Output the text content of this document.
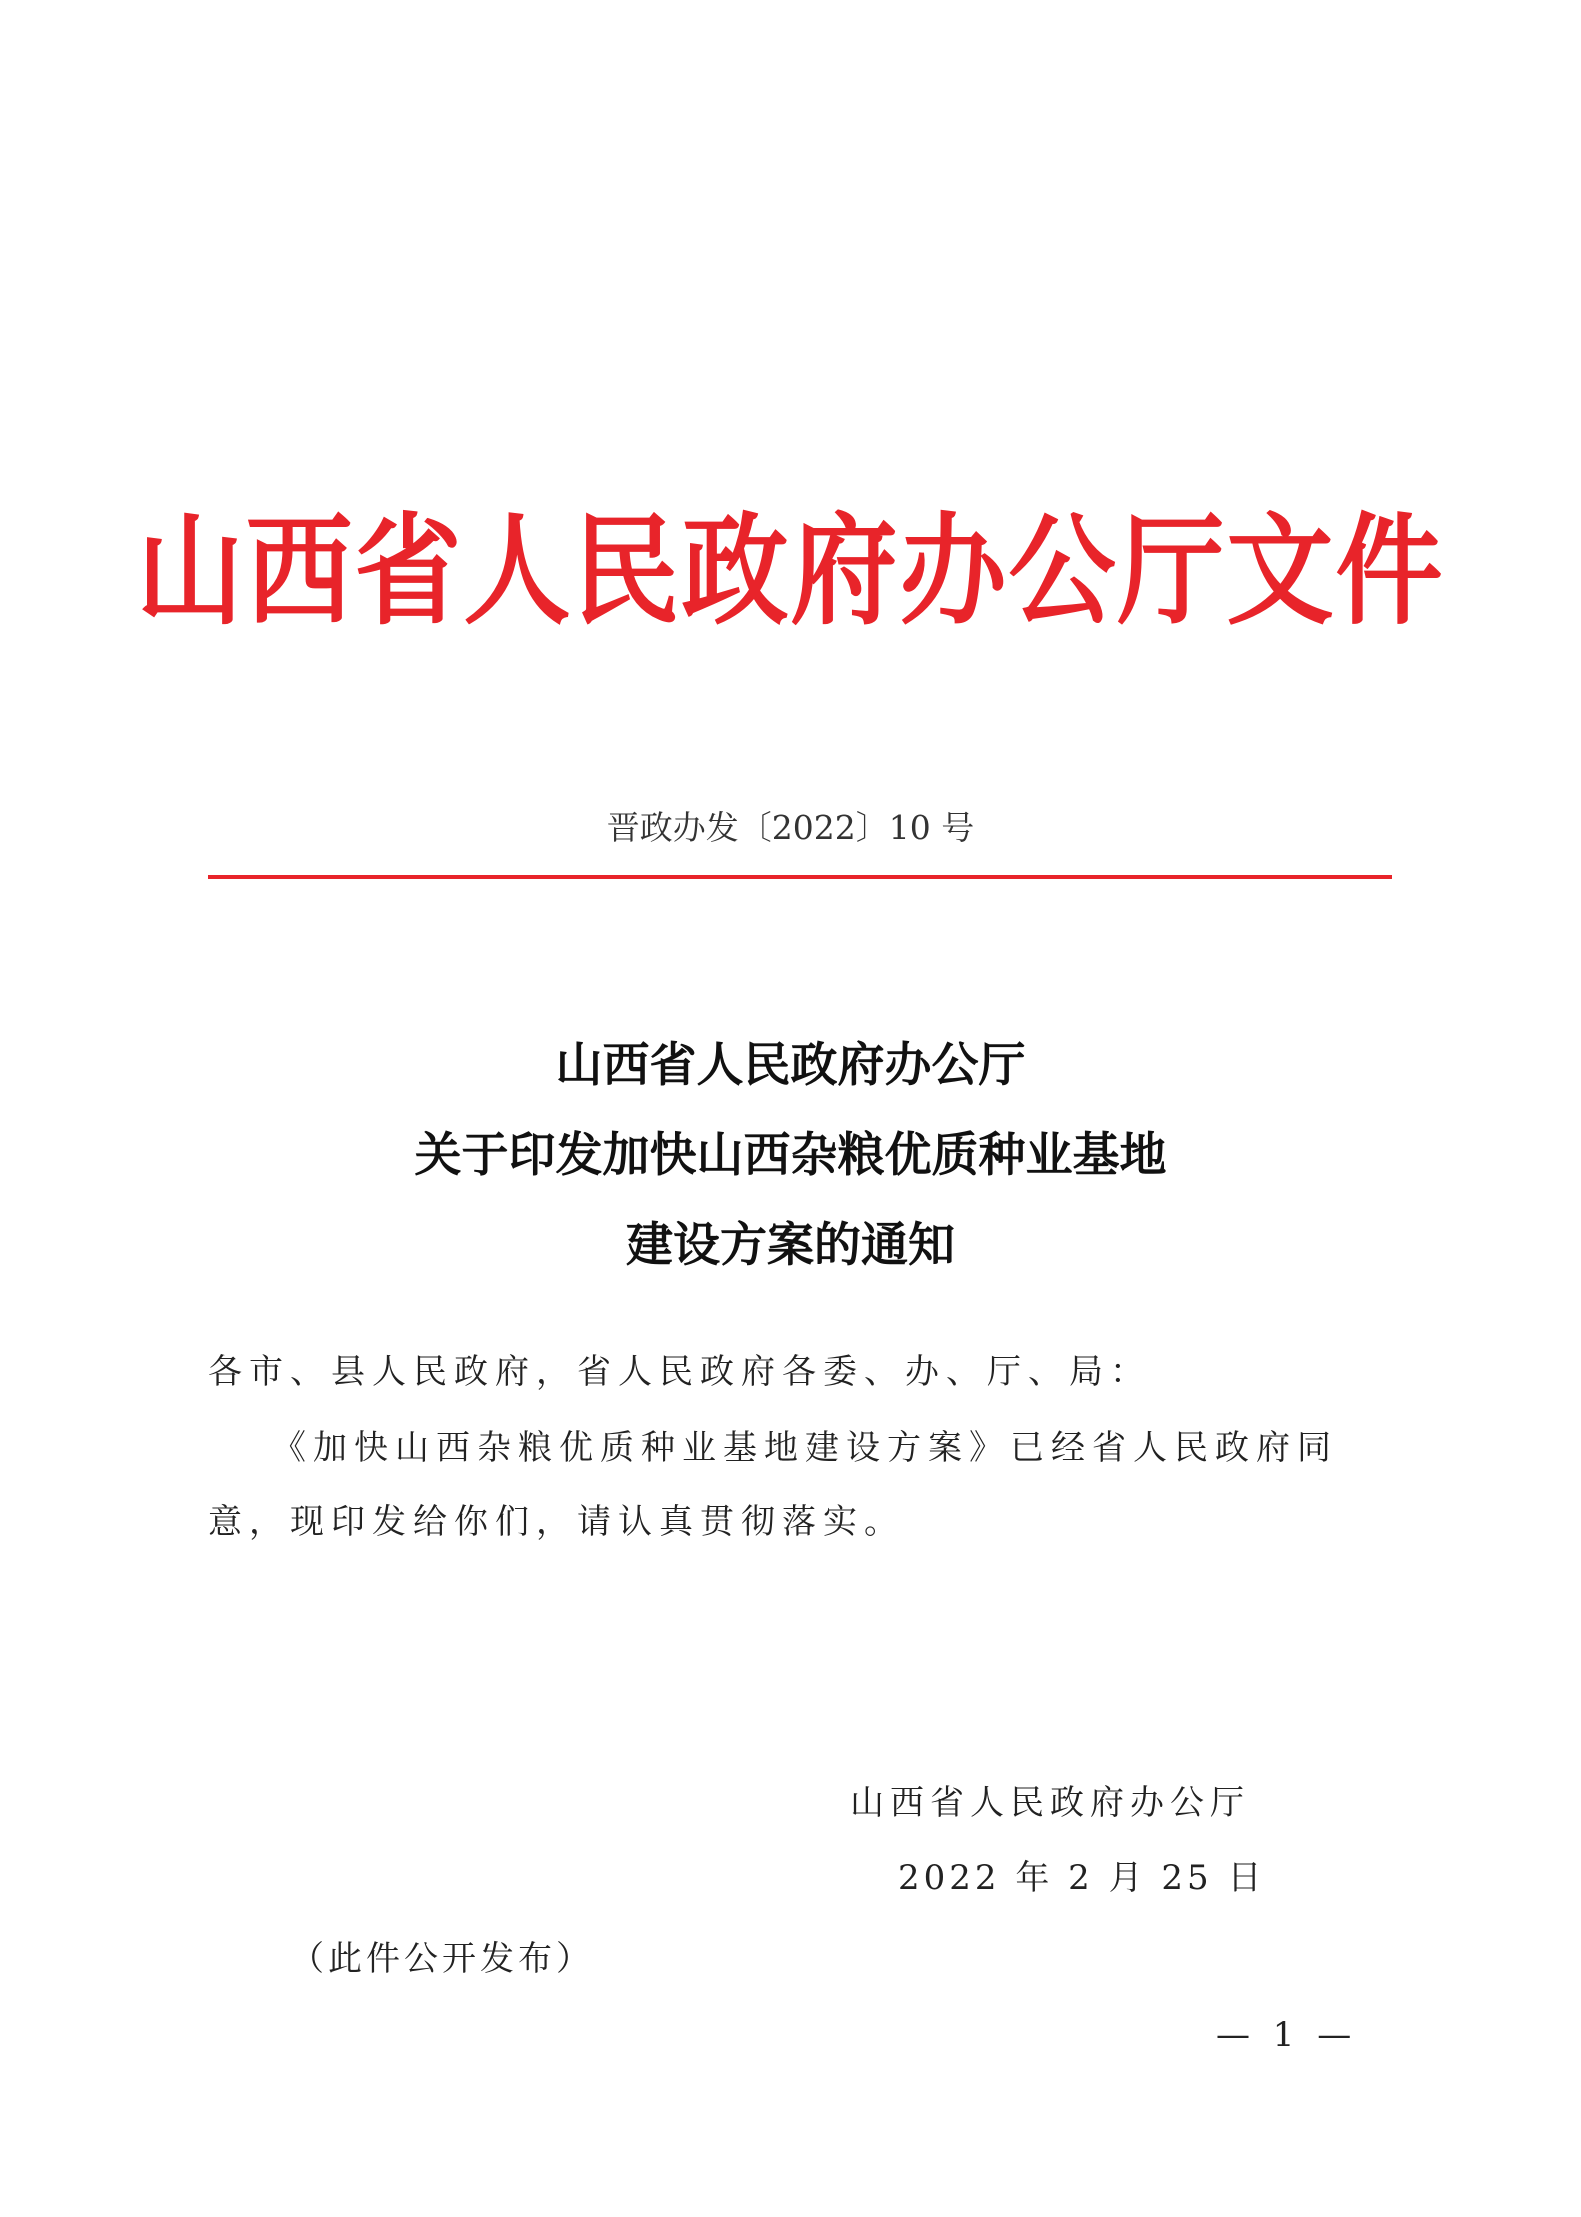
山西省人民政府办公厅文件
晋政办发〔2022〕10 号
山西省人民政府办公厅
关于印发加快山西杂粮优质种业基地
建设方案的通知
各市、县人民政府，省人民政府各委、办、厅、局：
《加快山西杂粮优质种业基地建设方案》已经省人民政府同
意，现印发给你们，请认真贯彻落实。
山西省人民政府办公厅
2022 年 2 月 25 日
（此件公开发布）
— 1 —
